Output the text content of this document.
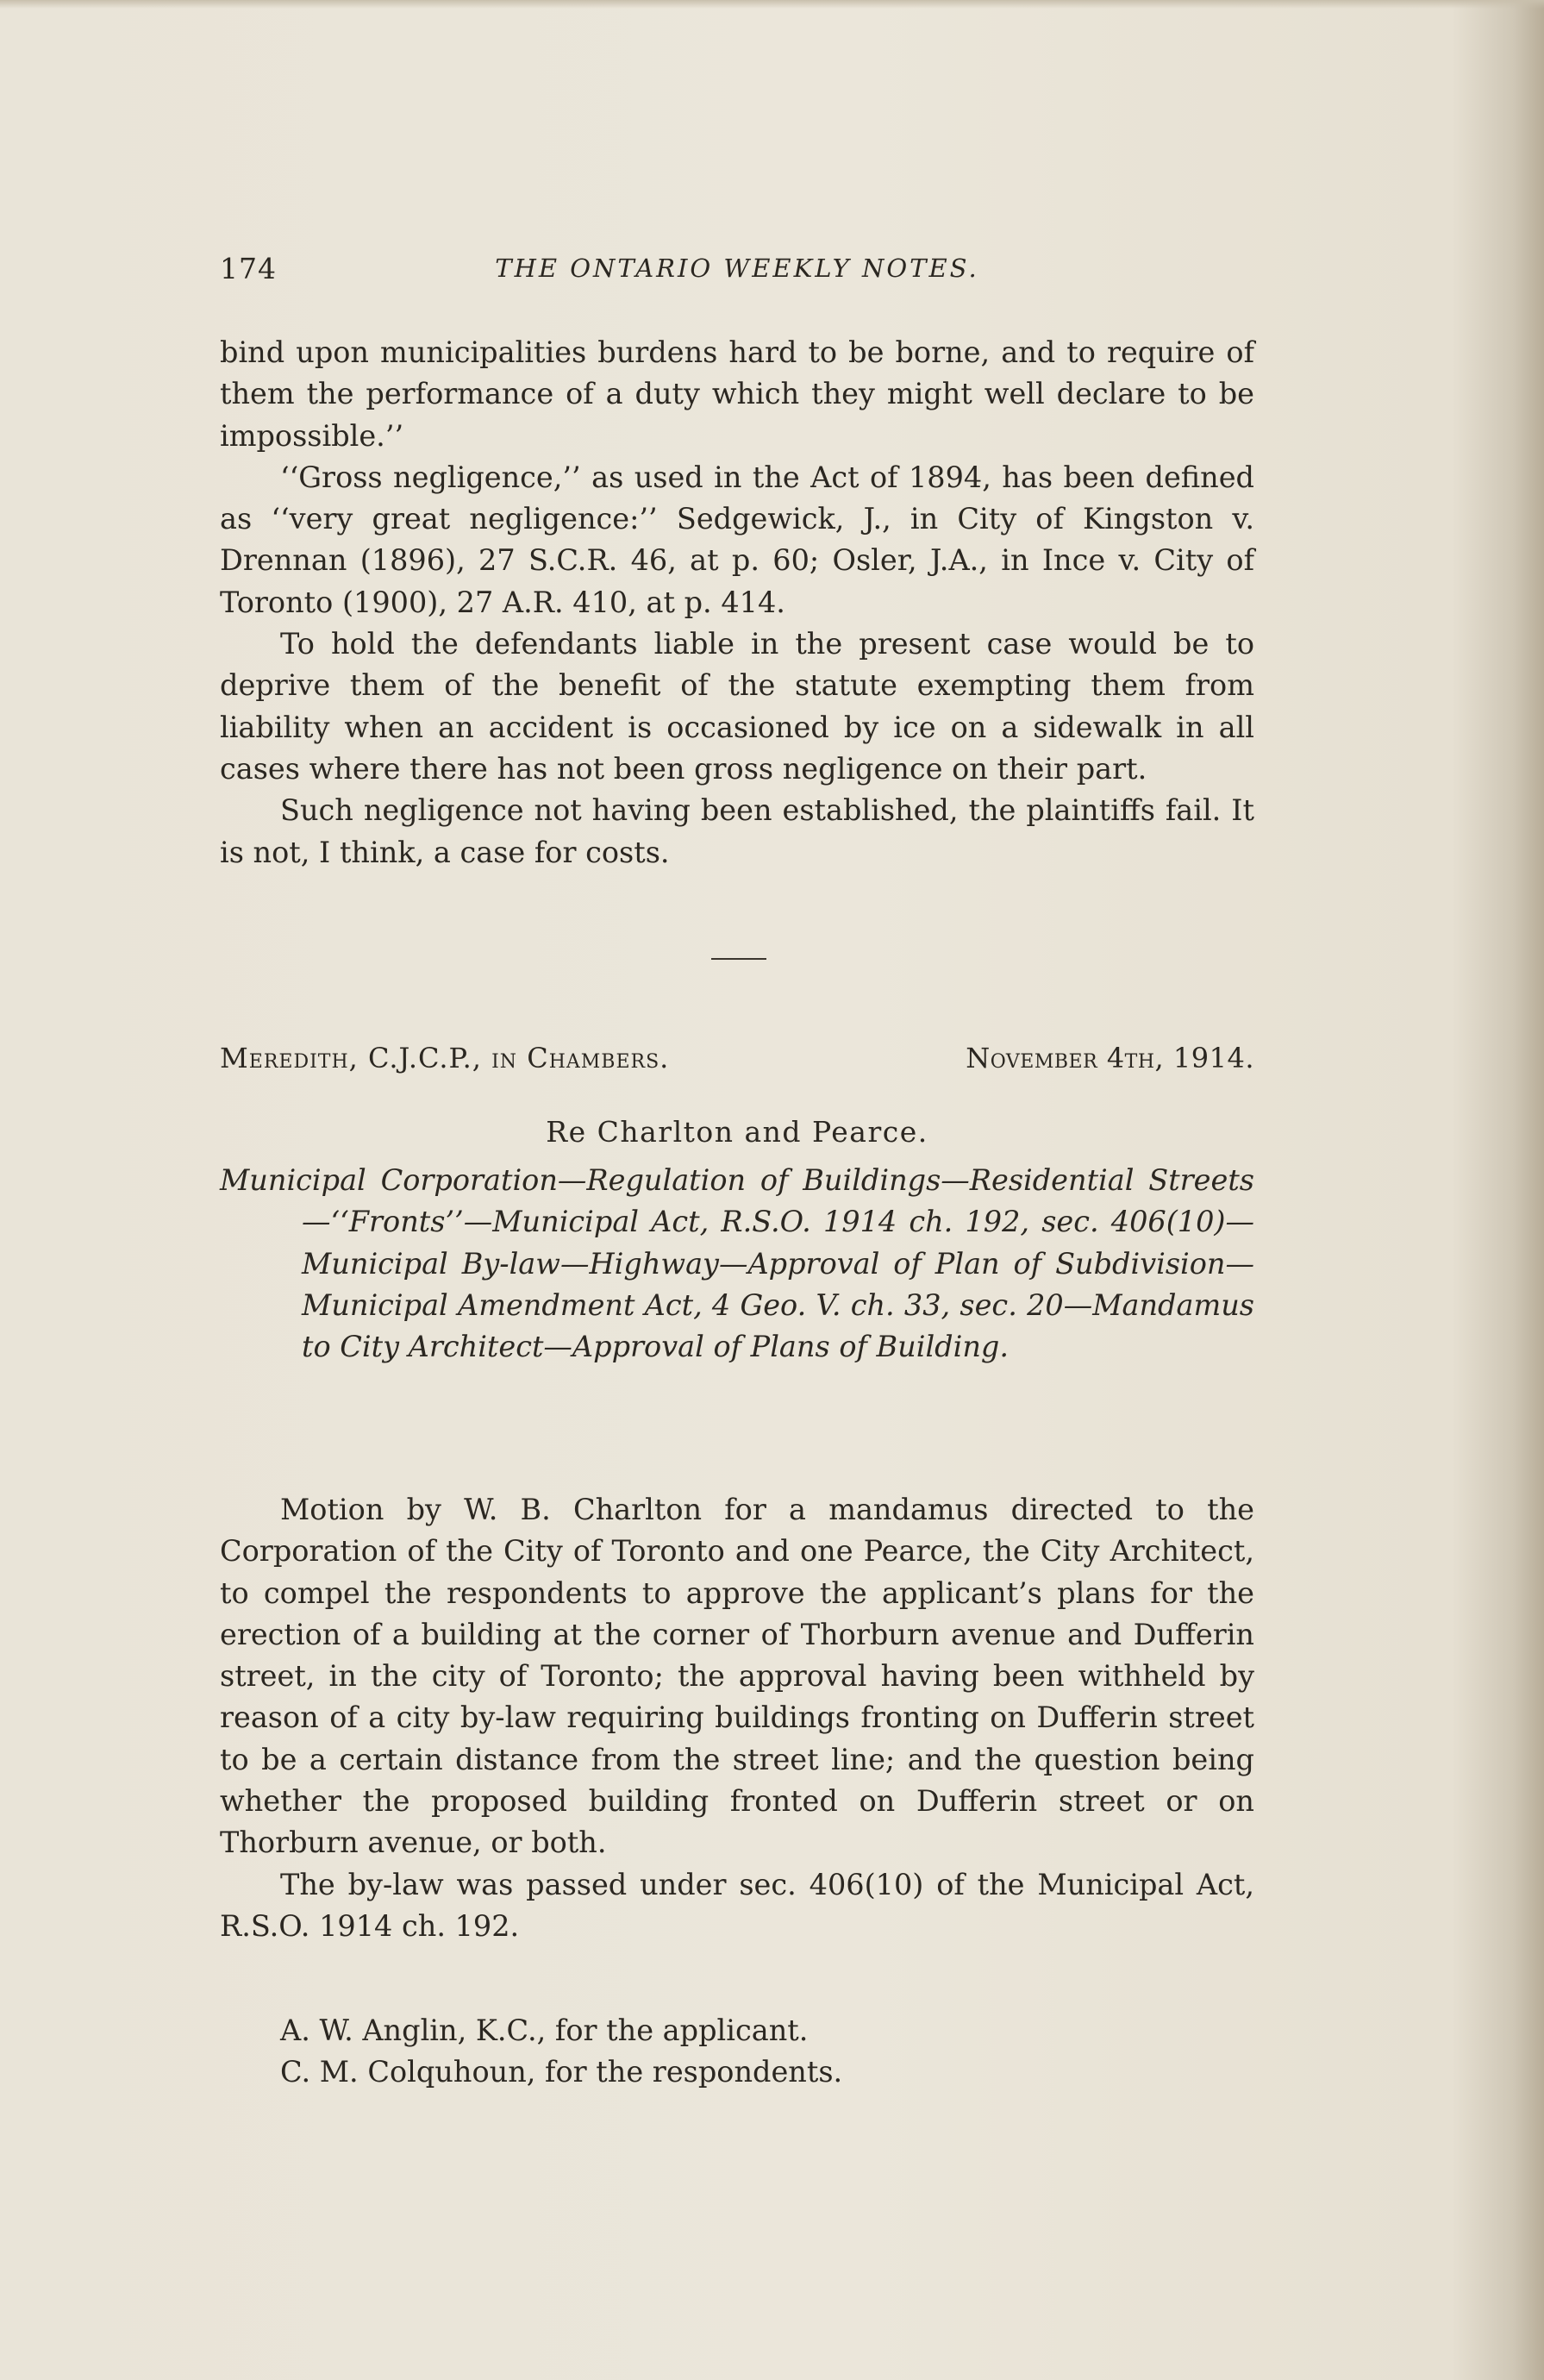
174	THE ONTARIO WEEKLY NOTES.

bind upon municipalities burdens hard to be borne, and to require of them the performance of a duty which they might well declare to be impossible.’’

‘‘Gross negligence,’’ as used in the Act of 1894, has been defined as ‘‘very great negligence:’’ Sedgewick, J., in City of Kingston v. Drennan (1896), 27 S.C.R. 46, at p. 60; Osler, J.A., in Ince v. City of Toronto (1900), 27 A.R. 410, at p. 414.

To hold the defendants liable in the present case would be to deprive them of the benefit of the statute exempting them from liability when an accident is occasioned by ice on a sidewalk in all cases where there has not been gross negligence on their part.

Such negligence not having been established, the plaintiffs fail. It is not, I think, a case for costs.

Meredith, C.J.C.P., in Chambers.	November 4th, 1914.
Re Charlton and Pearce.

Municipal Corporation—Regulation of Buildings—Residential Streets—‘‘Fronts’’—Municipal Act, R.S.O. 1914 ch. 192, sec. 406(10)—Municipal By-law—Highway—Approval of Plan of Subdivision—Municipal Amendment Act, 4 Geo. V. ch. 33, sec. 20—Mandamus to City Architect—Approval of Plans of Building.

Motion by W. B. Charlton for a mandamus directed to the Corporation of the City of Toronto and one Pearce, the City Architect, to compel the respondents to approve the applicant’s plans for the erection of a building at the corner of Thorburn avenue and Dufferin street, in the city of Toronto; the approval having been withheld by reason of a city by-law requiring buildings fronting on Dufferin street to be a certain distance from the street line; and the question being whether the proposed building fronted on Dufferin street or on Thorburn avenue, or both.

The by-law was passed under sec. 406(10) of the Municipal Act, R.S.O. 1914 ch. 192.

A. W. Anglin, K.C., for the applicant.

C. M. Colquhoun, for the respondents.
